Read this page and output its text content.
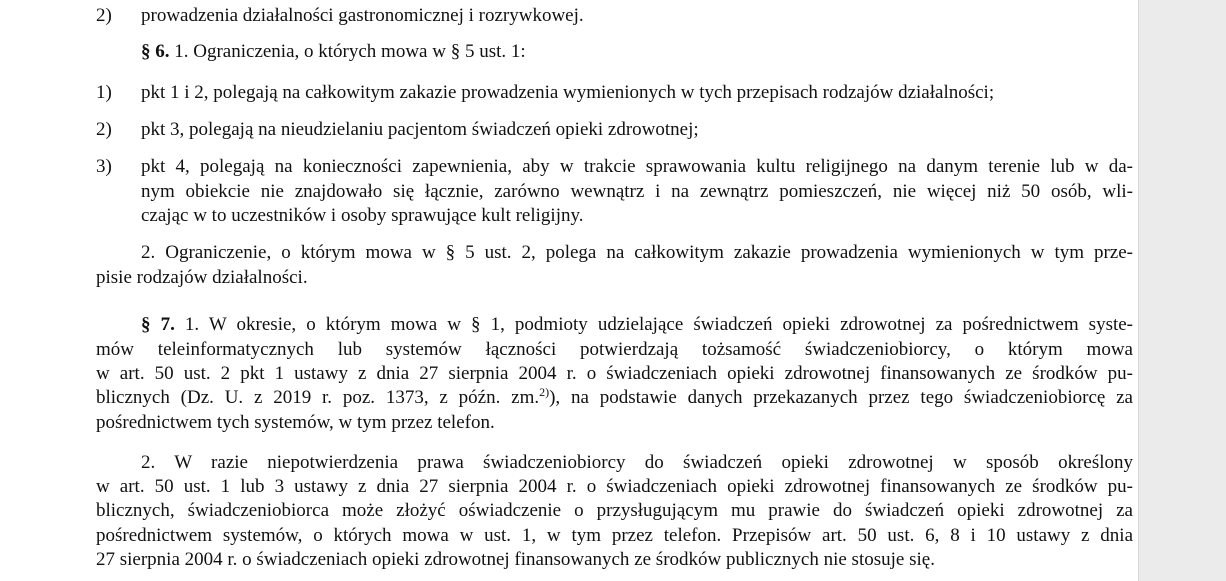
2) prowadzenia działalności gastronomicznej i rozrywkowej.
§ 6. 1. Ograniczenia, o których mowa w § 5 ust. 1:
1) pkt 1 i 2, polegają na całkowitym zakazie prowadzenia wymienionych w tych przepisach rodzajów działalności;
2) pkt 3, polegają na nieudzielaniu pacjentom świadczeń opieki zdrowotnej;
3) pkt 4, polegają na konieczności zapewnienia, aby w trakcie sprawowania kultu religijnego na danym terenie lub w da-
nym obiekcie nie znajdowało się łącznie, zarówno wewnątrz i na zewnątrz pomieszczeń, nie więcej niż 50 osób, wli-
czając w to uczestników i osoby sprawujące kult religijny.
2. Ograniczenie, o którym mowa w § 5 ust. 2, polega na całkowitym zakazie prowadzenia wymienionych w tym prze-
pisie rodzajów działalności.
§ 7. 1. W okresie, o którym mowa w § 1, podmioty udzielające świadczeń opieki zdrowotnej za pośrednictwem syste-
mów teleinformatycznych lub systemów łączności potwierdzają tożsamość świadczeniobiorcy, o którym mowa
w art. 50 ust. 2 pkt 1 ustawy z dnia 27 sierpnia 2004 r. o świadczeniach opieki zdrowotnej finansowanych ze środków pu-
blicznych (Dz. U. z 2019 r. poz. 1373, z późn. zm.$^{2)}$), na podstawie danych przekazanych przez tego świadczeniobiorcę za
pośrednictwem tych systemów, w tym przez telefon.
2. W razie niepotwierdzenia prawa świadczeniobiorcy do świadczeń opieki zdrowotnej w sposób określony
w art. 50 ust. 1 lub 3 ustawy z dnia 27 sierpnia 2004 r. o świadczeniach opieki zdrowotnej finansowanych ze środków pu-
blicznych, świadczeniobiorca może złożyć oświadczenie o przysługującym mu prawie do świadczeń opieki zdrowotnej za
pośrednictwem systemów, o których mowa w ust. 1, w tym przez telefon. Przepisów art. 50 ust. 6, 8 i 10 ustawy z dnia
27 sierpnia 2004 r. o świadczeniach opieki zdrowotnej finansowanych ze środków publicznych nie stosuje się.
